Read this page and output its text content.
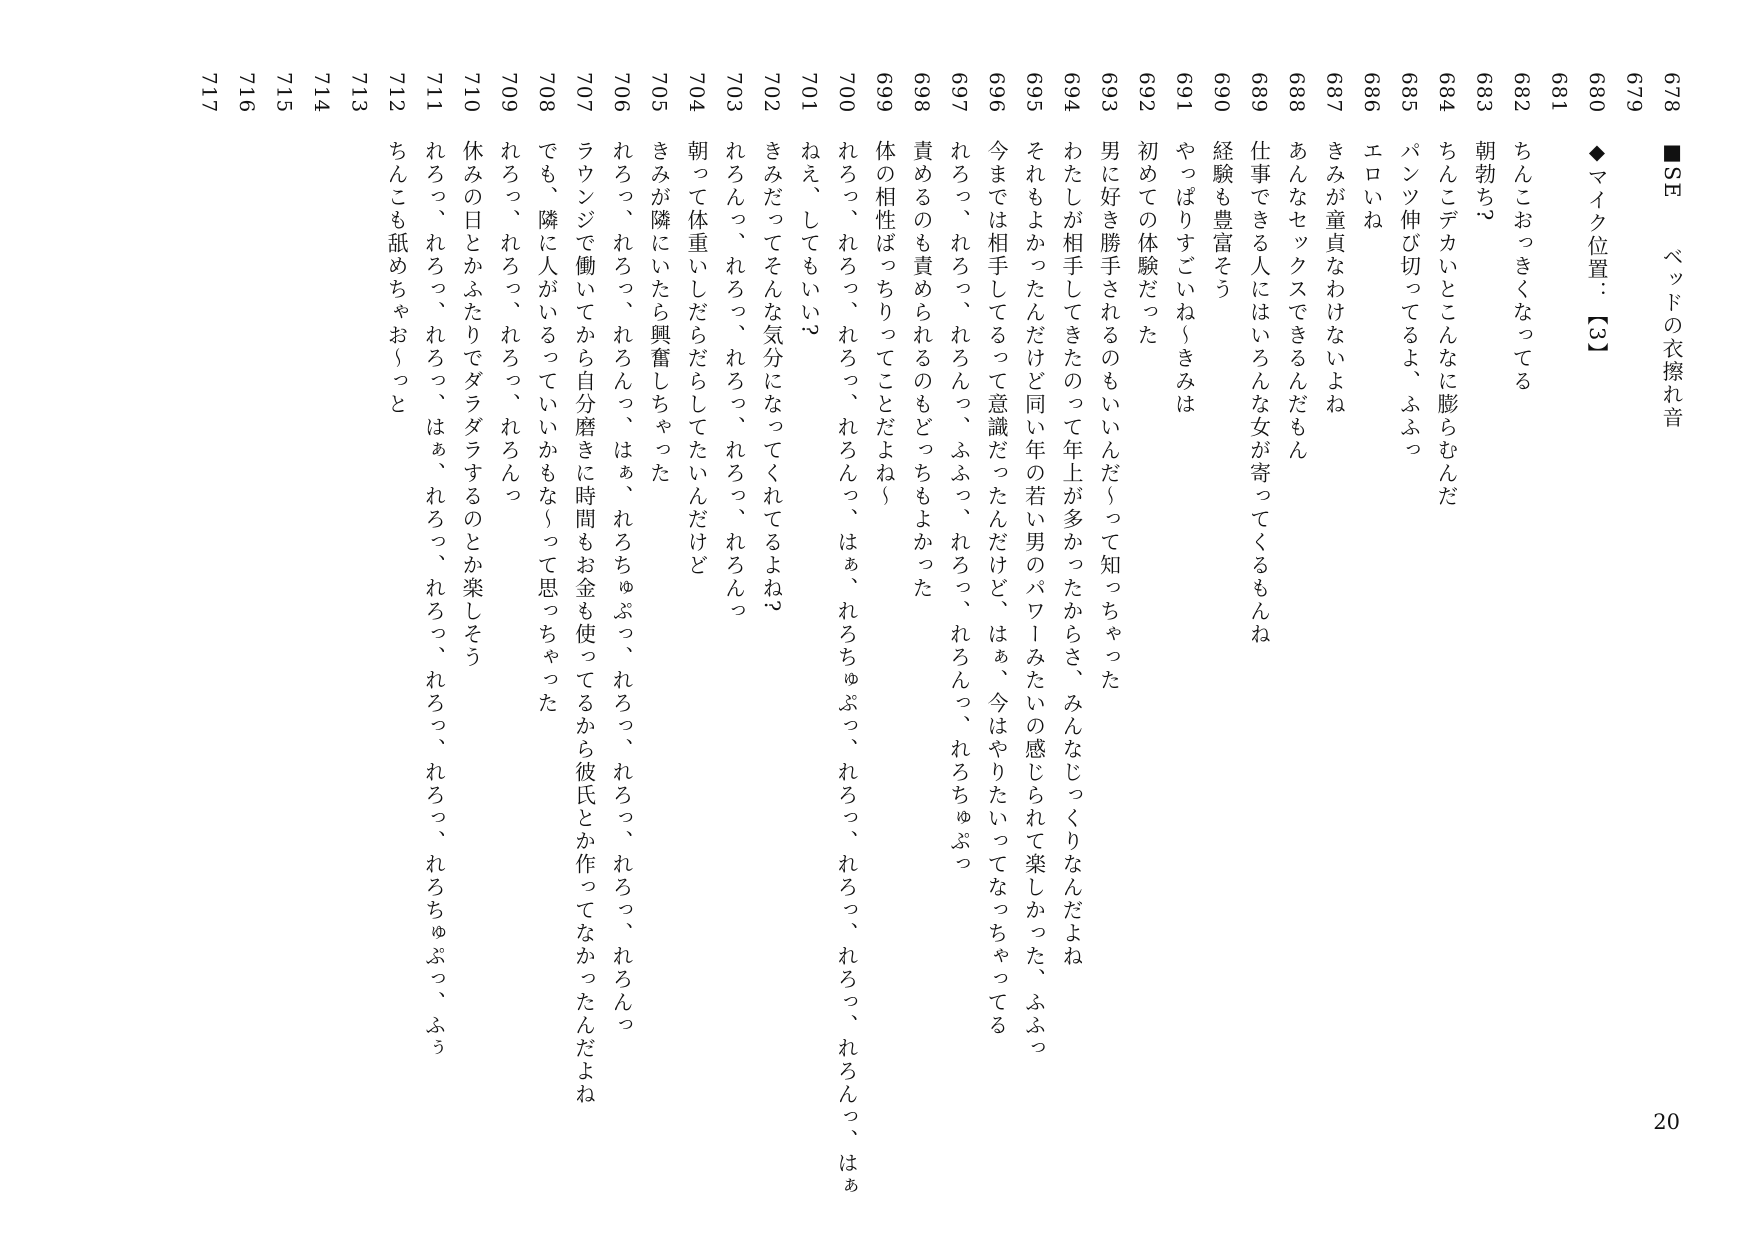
678■SE　　ベッドの衣擦れ音
679
680◆マイク位置：【3】
681
682ちんこおっきくなってる
683朝勃ち?
684ちんこデカいとこんなに膨らむんだ
685パンツ伸び切ってるよ、ふふっ
686エロいね
687きみが童貞なわけないよね
688あんなセックスできるんだもん
689仕事できる人にはいろんな女が寄ってくるもんね
690経験も豊富そう
691やっぱりすごいね～きみは
692初めての体験だった
693男に好き勝手されるのもいいんだ～って知っちゃった
694わたしが相手してきたのって年上が多かったからさ、みんなじっくりなんだよね
695それもよかったんだけど同い年の若い男のパワーみたいの感じられて楽しかった、ふふっ
696今までは相手してるって意識だったんだけど、はぁ、今はやりたいってなっちゃってる
697れろっ、れろっ、れろんっ、ふふっ、れろっ、れろんっ、れろちゅぷっ
698責めるのも責められるのもどっちもよかった
699体の相性ばっちりってことだよね～
700れろっ、れろっ、れろっ、れろんっ、はぁ、れろちゅぷっ、れろっ、れろっ、れろっ、れろんっ、はぁ
701ねえ、してもいい?
702きみだってそんな気分になってくれてるよね?
703れろんっ、れろっ、れろっ、れろっ、れろんっ
704朝って体重いしだらだらしてたいんだけど
705きみが隣にいたら興奮しちゃった
706れろっ、れろっ、れろんっ、はぁ、れろちゅぷっ、れろっ、れろっ、れろっ、れろんっ
707ラウンジで働いてから自分磨きに時間もお金も使ってるから彼氏とか作ってなかったんだよね
708でも、隣に人がいるっていいかもな～って思っちゃった
709れろっ、れろっ、れろっ、れろんっ
710休みの日とかふたりでダラダラするのとか楽しそう
711れろっ、れろっ、れろっ、はぁ、れろっ、れろっ、れろっ、れろっ、れろちゅぷっ、ふぅ
712ちんこも舐めちゃお～っと
713
714
715
716
717
20
